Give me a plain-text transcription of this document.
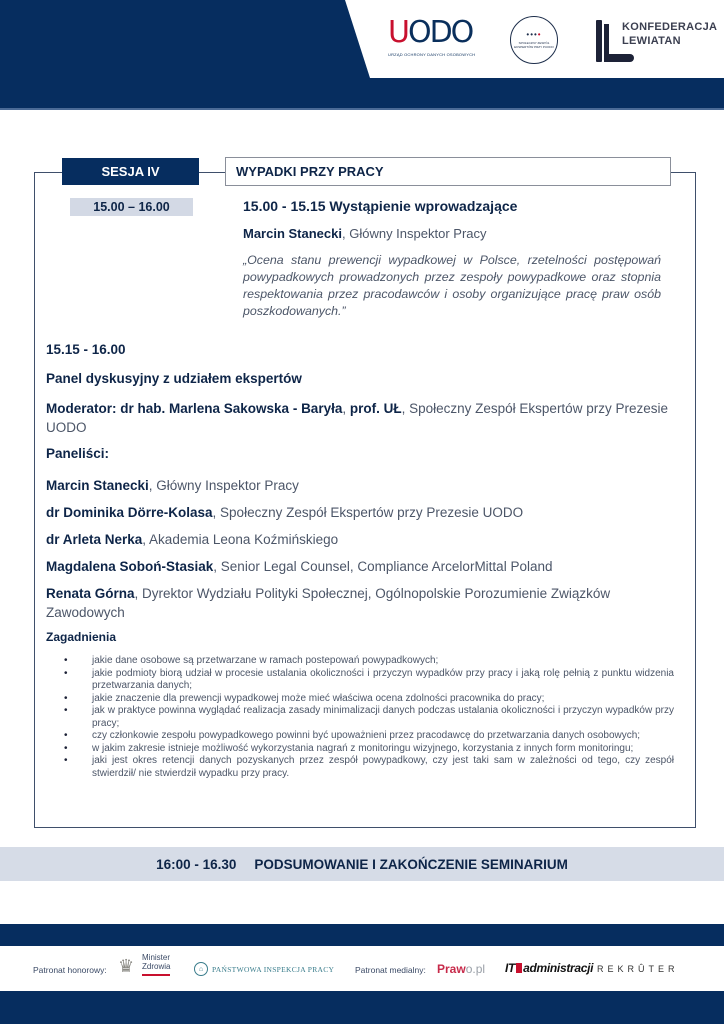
UODO
URZĄD OCHRONY DANYCH OSOBOWYCH
••••
SPOŁECZNY ZESPÓŁ EKSPERTÓW PRZY PUODO
KONFEDERACJA
LEWIATAN
SESJA IV	WYPADKI PRZY PRACY
15.00 – 16.00	15.00 - 15.15 Wystąpienie wprowadzające
Marcin Stanecki, Główny Inspektor Pracy
„Ocena stanu prewencji wypadkowej w Polsce, rzetelności postępowań powypadkowych prowadzonych przez zespoły powypadkowe oraz stopnia respektowania przez pracodawców i osoby organizujące pracę praw osób poszkodowanych.”
15.15 - 16.00
Panel dyskusyjny z udziałem ekspertów
Moderator: dr hab. Marlena Sakowska - Baryła, prof. UŁ, Społeczny Zespół Ekspertów przy Prezesie UODO
Paneliści:
Marcin Stanecki, Główny Inspektor Pracy
dr Dominika Dörre-Kolasa, Społeczny Zespół Ekspertów przy Prezesie UODO
dr Arleta Nerka, Akademia Leona Koźmińskiego
Magdalena Soboń-Stasiak, Senior Legal Counsel, Compliance ArcelorMittal Poland
Renata Górna, Dyrektor Wydziału Polityki Społecznej, Ogólnopolskie Porozumienie Związków Zawodowych
Zagadnienia
• jakie dane osobowe są przetwarzane w ramach postepowań powypadkowych;
• jakie podmioty biorą udział w procesie ustalania okoliczności i przyczyn wypadków przy pracy i jaką rolę pełnią z punktu widzenia przetwarzania danych;
• jakie znaczenie dla prewencji wypadkowej może mieć właściwa ocena zdolności pracownika do pracy;
• jak w praktyce powinna wyglądać realizacja zasady minimalizacji danych podczas ustalania okoliczności i przyczyn wypadków przy pracy;
• czy członkowie zespołu powypadkowego powinni być upoważnieni przez pracodawcę do przetwarzania danych osobowych;
• w jakim zakresie istnieje możliwość wykorzystania nagrań z monitoringu wizyjnego, korzystania z innych form monitoringu;
• jaki jest okres retencji danych pozyskanych przez zespół powypadkowy, czy jest taki sam w zależności od tego, czy zespół stwierdził/ nie stwierdził wypadku przy pracy.
16:00 - 16.30 PODSUMOWANIE I ZAKOŃCZENIE SEMINARIUM
Patronat honorowy: ♛ Minister
Zdrowia	⌂	PAŃSTWOWA INSPEKCJA PRACY Patronat medialny: Prawo.pl IT administracji REKRÛTER
